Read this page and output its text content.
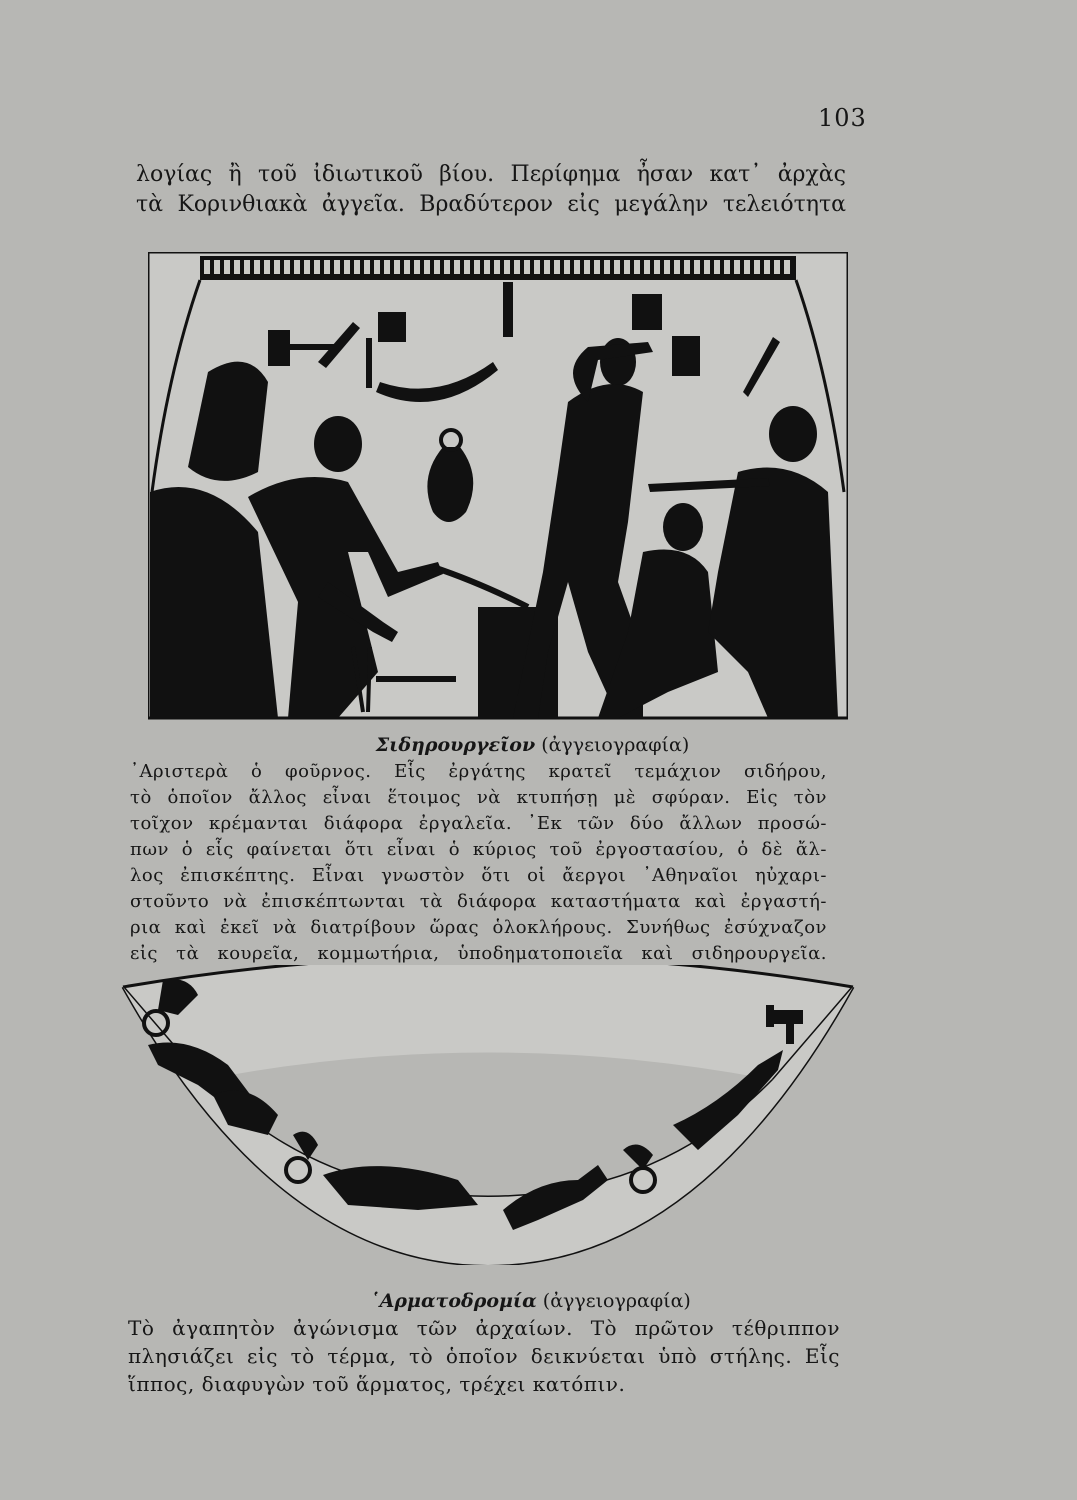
103
λογίας ἢ τοῦ ἰδιωτικοῦ βίου. Περίφημα ἦσαν κατ᾽ ἀρχὰς
τὰ Κορινθιακὰ ἀγγεῖα. Βραδύτερον εἰς μεγάλην τελειότητα
Σιδηρουργεῖον (ἀγγειογραφία)
᾽Αριστερὰ ὁ φοῦρνος. Εἷς ἐργάτης κρατεῖ τεμάχιον σιδήρου,
τὸ ὁποῖον ἄλλος εἶναι ἕτοιμος νὰ κτυπήσῃ μὲ σφύραν. Εἰς τὸν
τοῖχον κρέμανται διάφορα ἐργαλεῖα. ᾽Εκ τῶν δύο ἄλλων προσώ-
πων ὁ εἷς φαίνεται ὅτι εἶναι ὁ κύριος τοῦ ἐργοστασίου, ὁ δὲ ἄλ-
λος ἐπισκέπτης. Εἶναι γνωστὸν ὅτι οἱ ἄεργοι ᾽Αθηναῖοι ηὐχαρι-
στοῦντο νὰ ἐπισκέπτωνται τὰ διάφορα καταστήματα καὶ ἐργαστή-
ρια καὶ ἐκεῖ νὰ διατρίβουν ὥρας ὁλοκλήρους. Συνήθως ἐσύχναζον
εἰς τὰ κουρεῖα, κομμωτήρια, ὑποδηματοποιεῖα καὶ σιδηρουργεῖα.
῾Αρματοδρομία (ἀγγειογραφία)
Τὸ ἀγαπητὸν ἀγώνισμα τῶν ἀρχαίων. Τὸ πρῶτον τέθριππον
πλησιάζει εἰς τὸ τέρμα, τὸ ὁποῖον δεικνύεται ὑπὸ στήλης. Εἷς
ἵππος, διαφυγὼν τοῦ ἅρματος, τρέχει κατόπιν.
